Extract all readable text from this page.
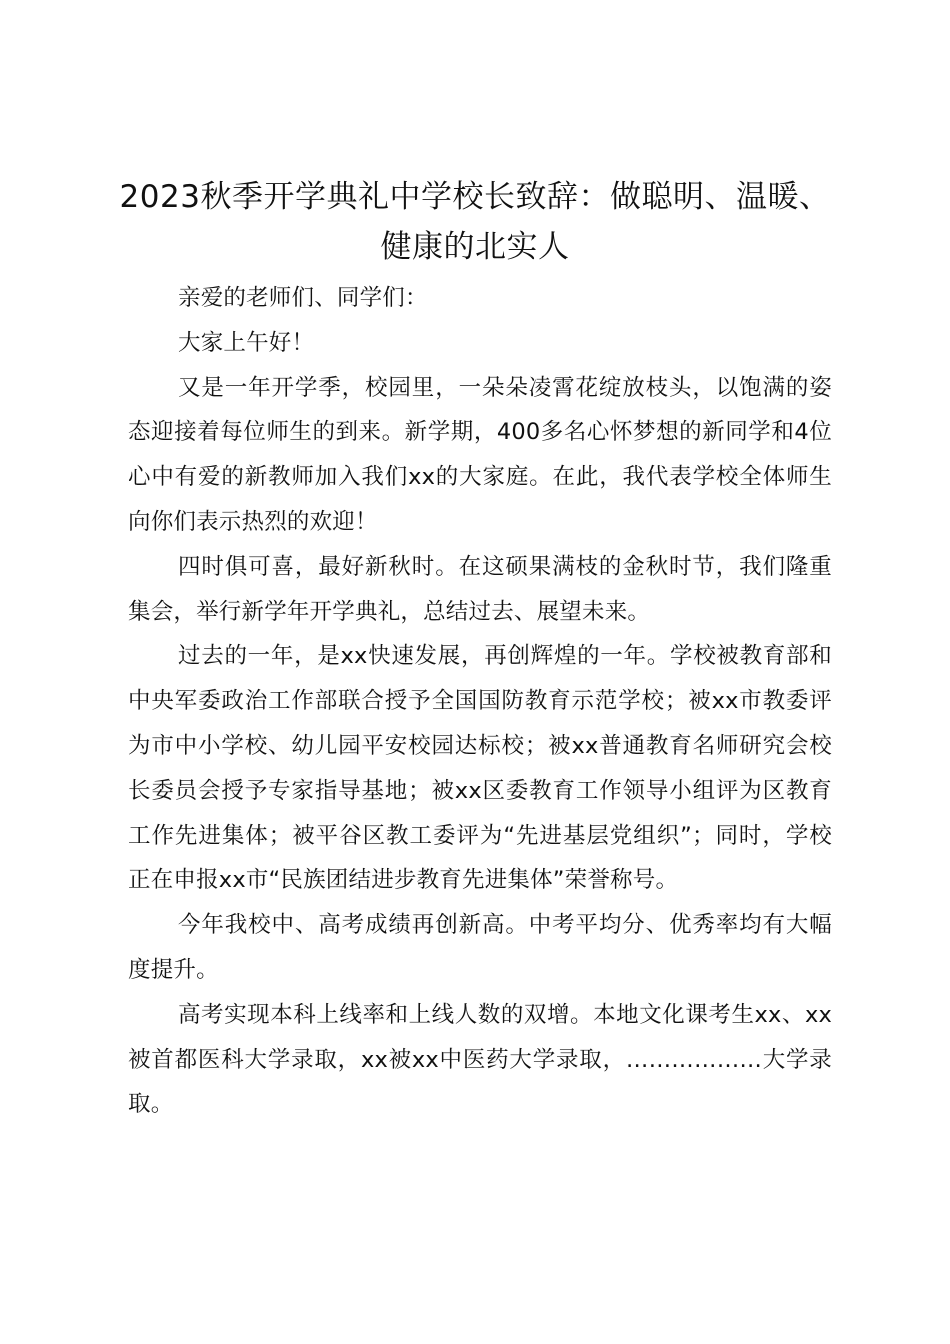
2023秋季开学典礼中学校长致辞：做聪明、温暖、健康的北实人

亲爱的老师们、同学们：

大家上午好！

又是一年开学季，校园里，一朵朵凌霄花绽放枝头，以饱满的姿态迎接着每位师生的到来。新学期，400多名心怀梦想的新同学和4位心中有爱的新教师加入我们xx的大家庭。在此，我代表学校全体师生向你们表示热烈的欢迎！

四时俱可喜，最好新秋时。在这硕果满枝的金秋时节，我们隆重集会，举行新学年开学典礼，总结过去、展望未来。

过去的一年，是xx快速发展，再创辉煌的一年。学校被教育部和中央军委政治工作部联合授予全国国防教育示范学校；被xx市教委评为市中小学校、幼儿园平安校园达标校；被xx普通教育名师研究会校长委员会授予专家指导基地；被xx区委教育工作领导小组评为区教育工作先进集体；被平谷区教工委评为“先进基层党组织”；同时，学校正在申报xx市“民族团结进步教育先进集体”荣誉称号。

今年我校中、高考成绩再创新高。中考平均分、优秀率均有大幅度提升。

高考实现本科上线率和上线人数的双增。本地文化课考生xx、xx被首都医科大学录取，xx被xx中医药大学录取，………………大学录取。
